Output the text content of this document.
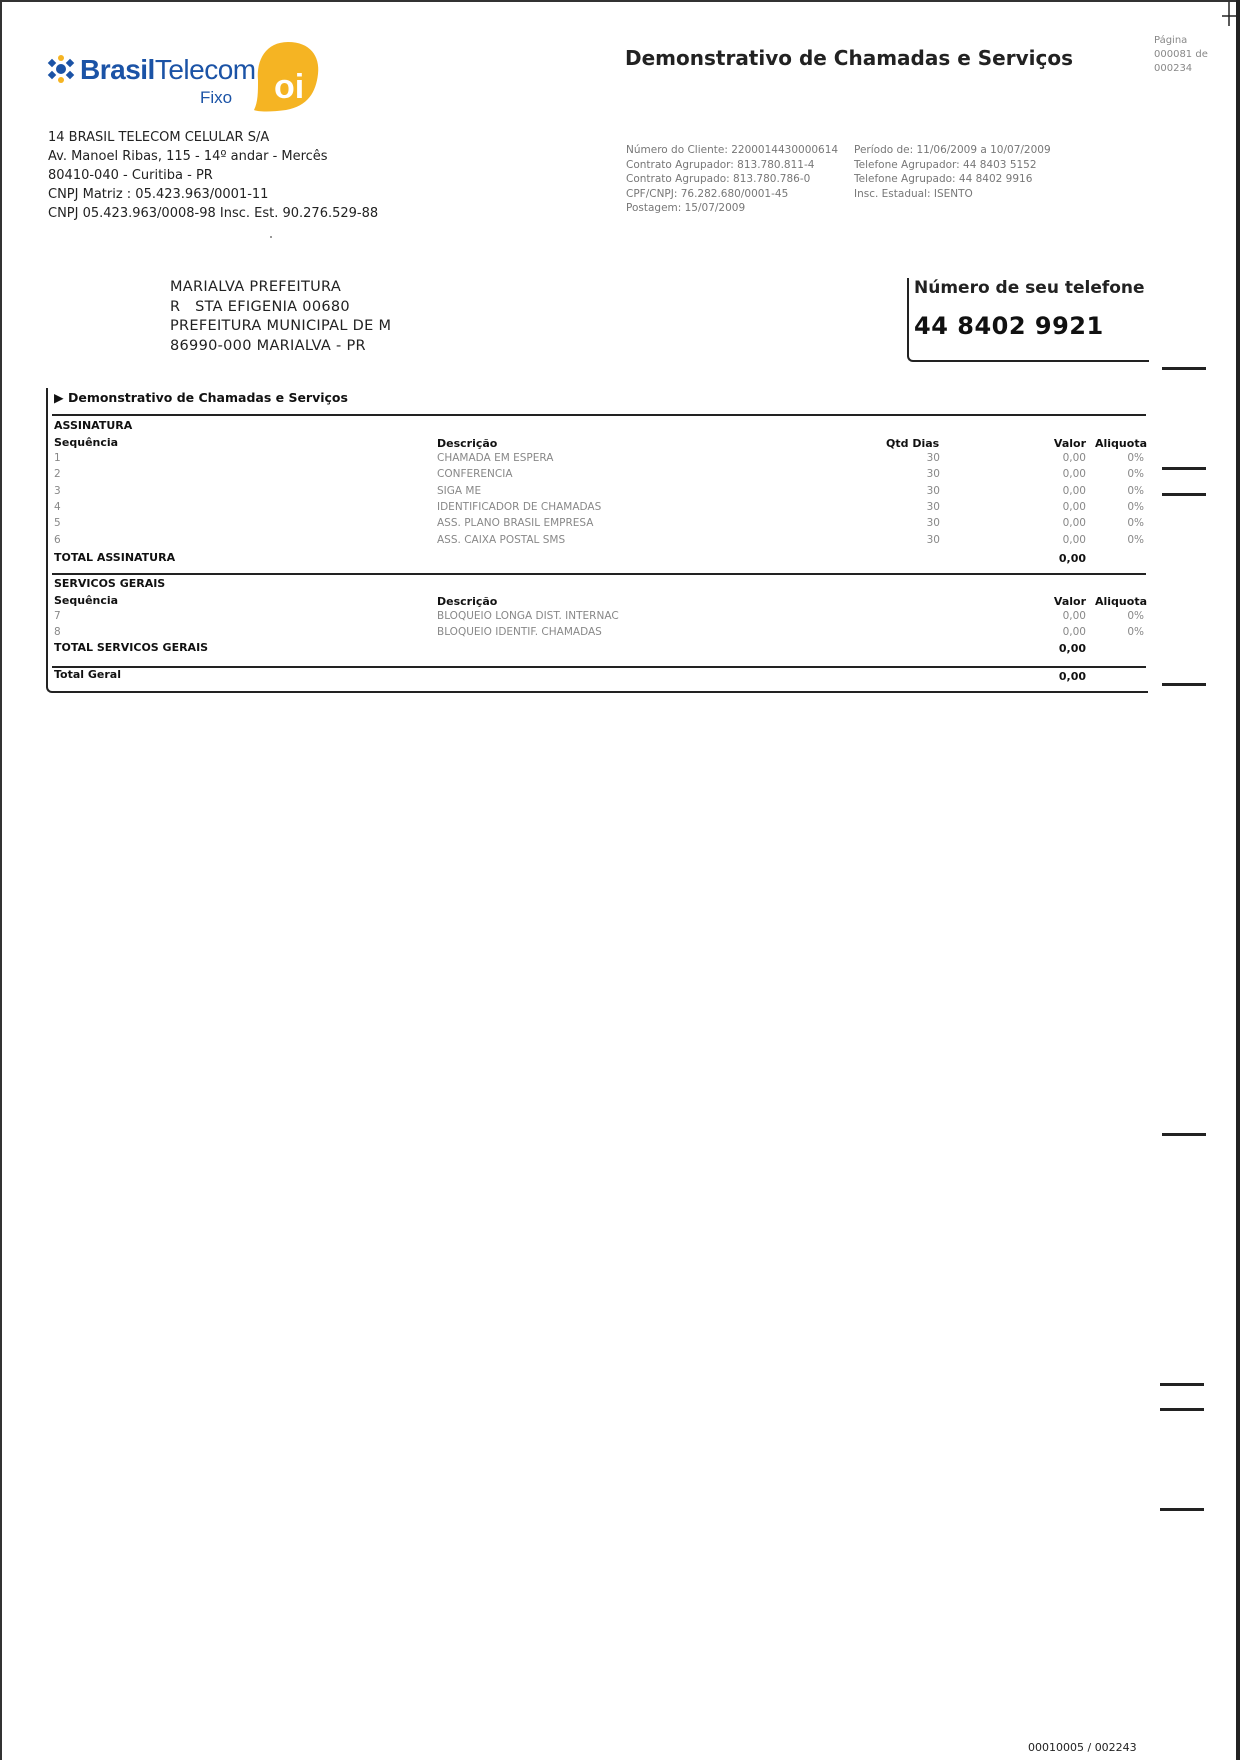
BrasilTelecom
Fixo oi
Demonstrativo de Chamadas e Serviços
Página
000081 de
000234
14 BRASIL TELECOM CELULAR S/A
Av. Manoel Ribas, 115 - 14º andar - Mercês
80410-040 - Curitiba - PR
CNPJ Matriz : 05.423.963/0001-11
CNPJ 05.423.963/0008-98 Insc. Est. 90.276.529-88
Número do Cliente: 2200014430000614
Contrato Agrupador: 813.780.811-4
Contrato Agrupado: 813.780.786-0
CPF/CNPJ: 76.282.680/0001-45
Postagem: 15/07/2009
Período de: 11/06/2009 a 10/07/2009
Telefone Agrupador: 44 8403 5152
Telefone Agrupado: 44 8402 9916
Insc. Estadual: ISENTO
MARIALVA PREFEITURA
R   STA EFIGENIA 00680
PREFEITURA MUNICIPAL DE M
86990-000 MARIALVA - PR
Número de seu telefone
44 8402 9921
▶ Demonstrativo de Chamadas e Serviços
ASSINATURA
Sequência	Descrição	Qtd Dias	Valor Aliquota
1	CHAMADA EM ESPERA	30	0,00	0%
2	CONFERENCIA	30	0,00	0%
3	SIGA ME	30	0,00	0%
4	IDENTIFICADOR DE CHAMADAS	30	0,00	0%
5	ASS. PLANO BRASIL EMPRESA	30	0,00	0%
6	ASS. CAIXA POSTAL SMS	30	0,00	0%
TOTAL ASSINATURA	0,00
SERVICOS GERAIS
Sequência	Descrição	Valor Aliquota
7	BLOQUEIO LONGA DIST. INTERNAC	0,00	0%
8	BLOQUEIO IDENTIF. CHAMADAS	0,00	0%
TOTAL SERVICOS GERAIS	0,00
Total Geral	0,00
00010005 / 002243
